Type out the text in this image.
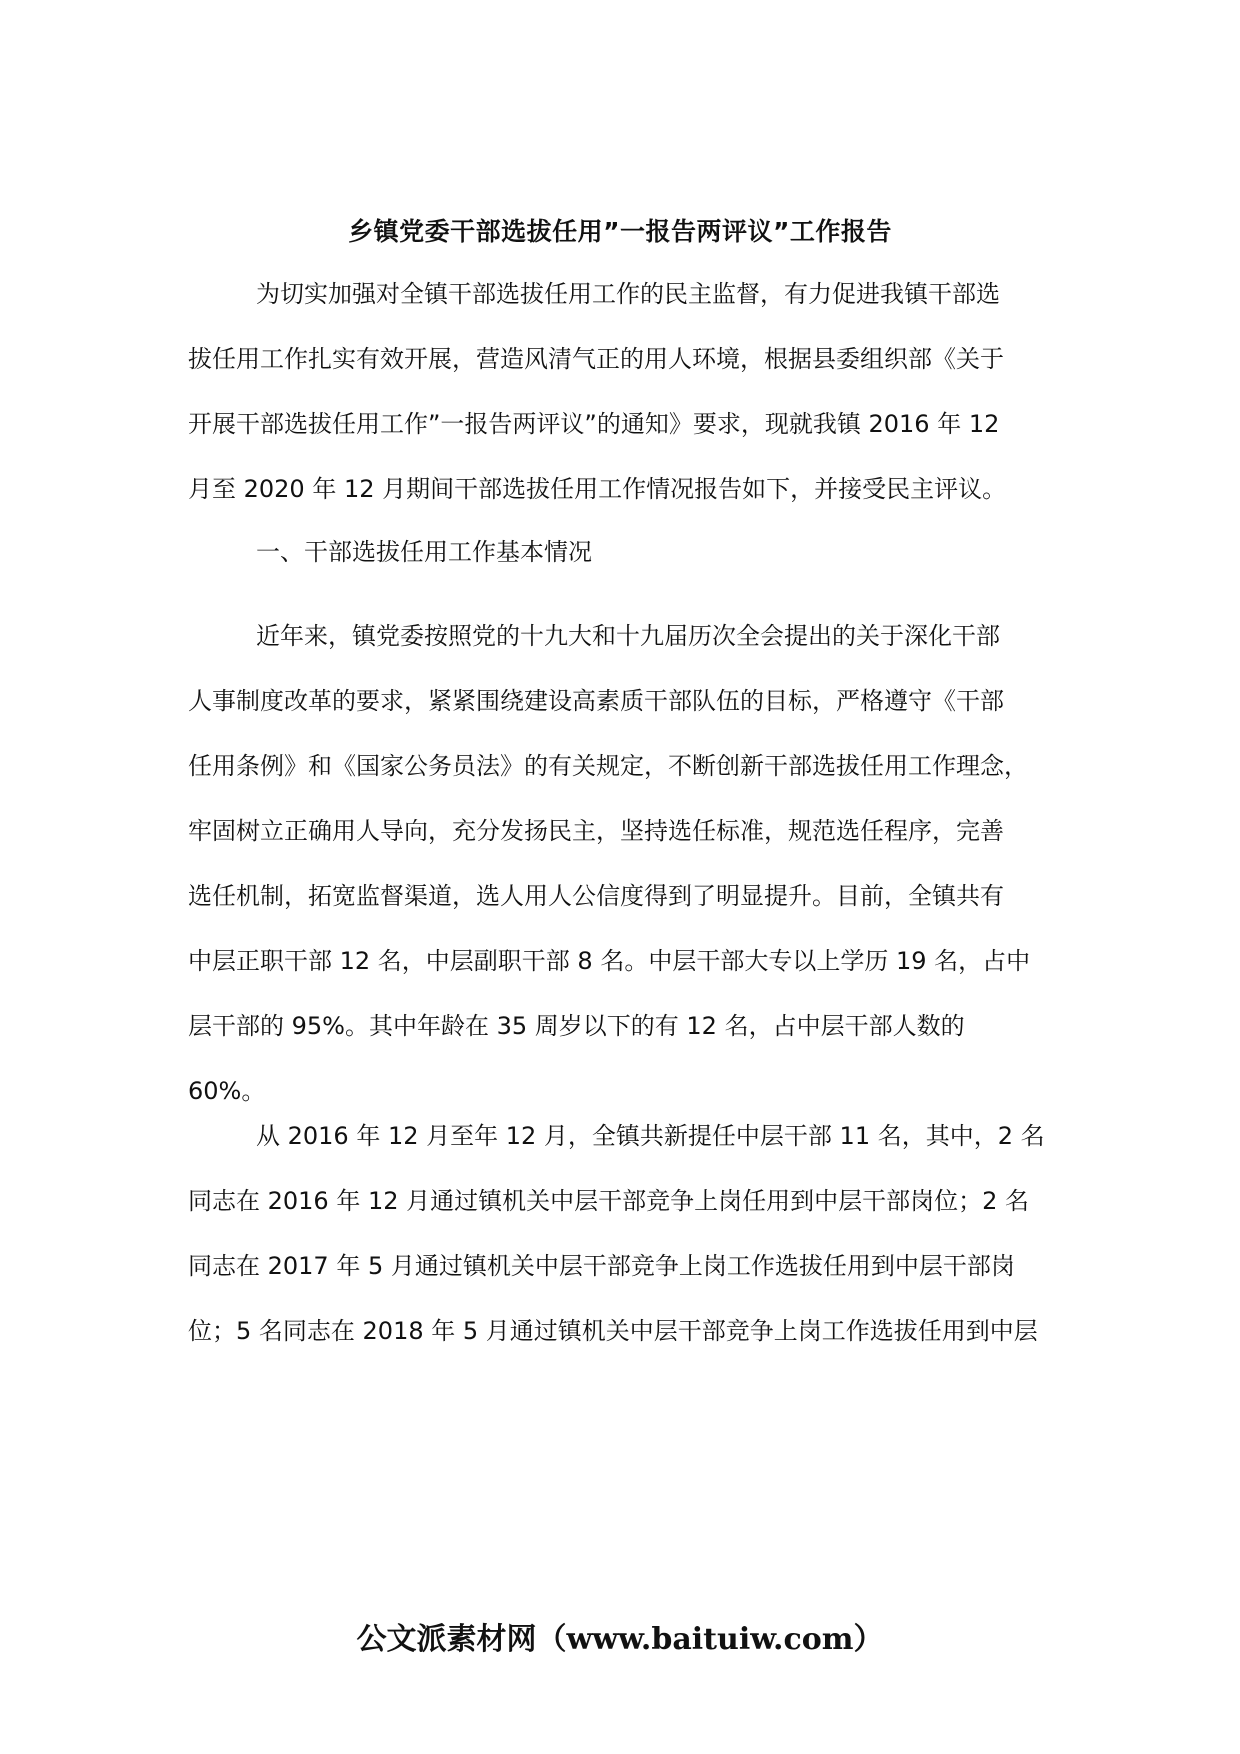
乡镇党委干部选拔任用”一报告两评议”工作报告
为切实加强对全镇干部选拔任用工作的民主监督，有力促进我镇干部选
拔任用工作扎实有效开展，营造风清气正的用人环境，根据县委组织部《关于
开展干部选拔任用工作”一报告两评议”的通知》要求，现就我镇 2016 年 12
月至 2020 年 12 月期间干部选拔任用工作情况报告如下，并接受民主评议。
一、干部选拔任用工作基本情况
近年来，镇党委按照党的十九大和十九届历次全会提出的关于深化干部
人事制度改革的要求，紧紧围绕建设高素质干部队伍的目标，严格遵守《干部
任用条例》和《国家公务员法》的有关规定，不断创新干部选拔任用工作理念，
牢固树立正确用人导向，充分发扬民主，坚持选任标准，规范选任程序，完善
选任机制，拓宽监督渠道，选人用人公信度得到了明显提升。目前，全镇共有
中层正职干部 12 名，中层副职干部 8 名。中层干部大专以上学历 19 名，占中
层干部的 95%。其中年龄在 35 周岁以下的有 12 名，占中层干部人数的
60%。
从 2016 年 12 月至年 12 月，全镇共新提任中层干部 11 名，其中，2 名
同志在 2016 年 12 月通过镇机关中层干部竞争上岗任用到中层干部岗位；2 名
同志在 2017 年 5 月通过镇机关中层干部竞争上岗工作选拔任用到中层干部岗
位；5 名同志在 2018 年 5 月通过镇机关中层干部竞争上岗工作选拔任用到中层
公文派素材网（www.baituiw.com）
